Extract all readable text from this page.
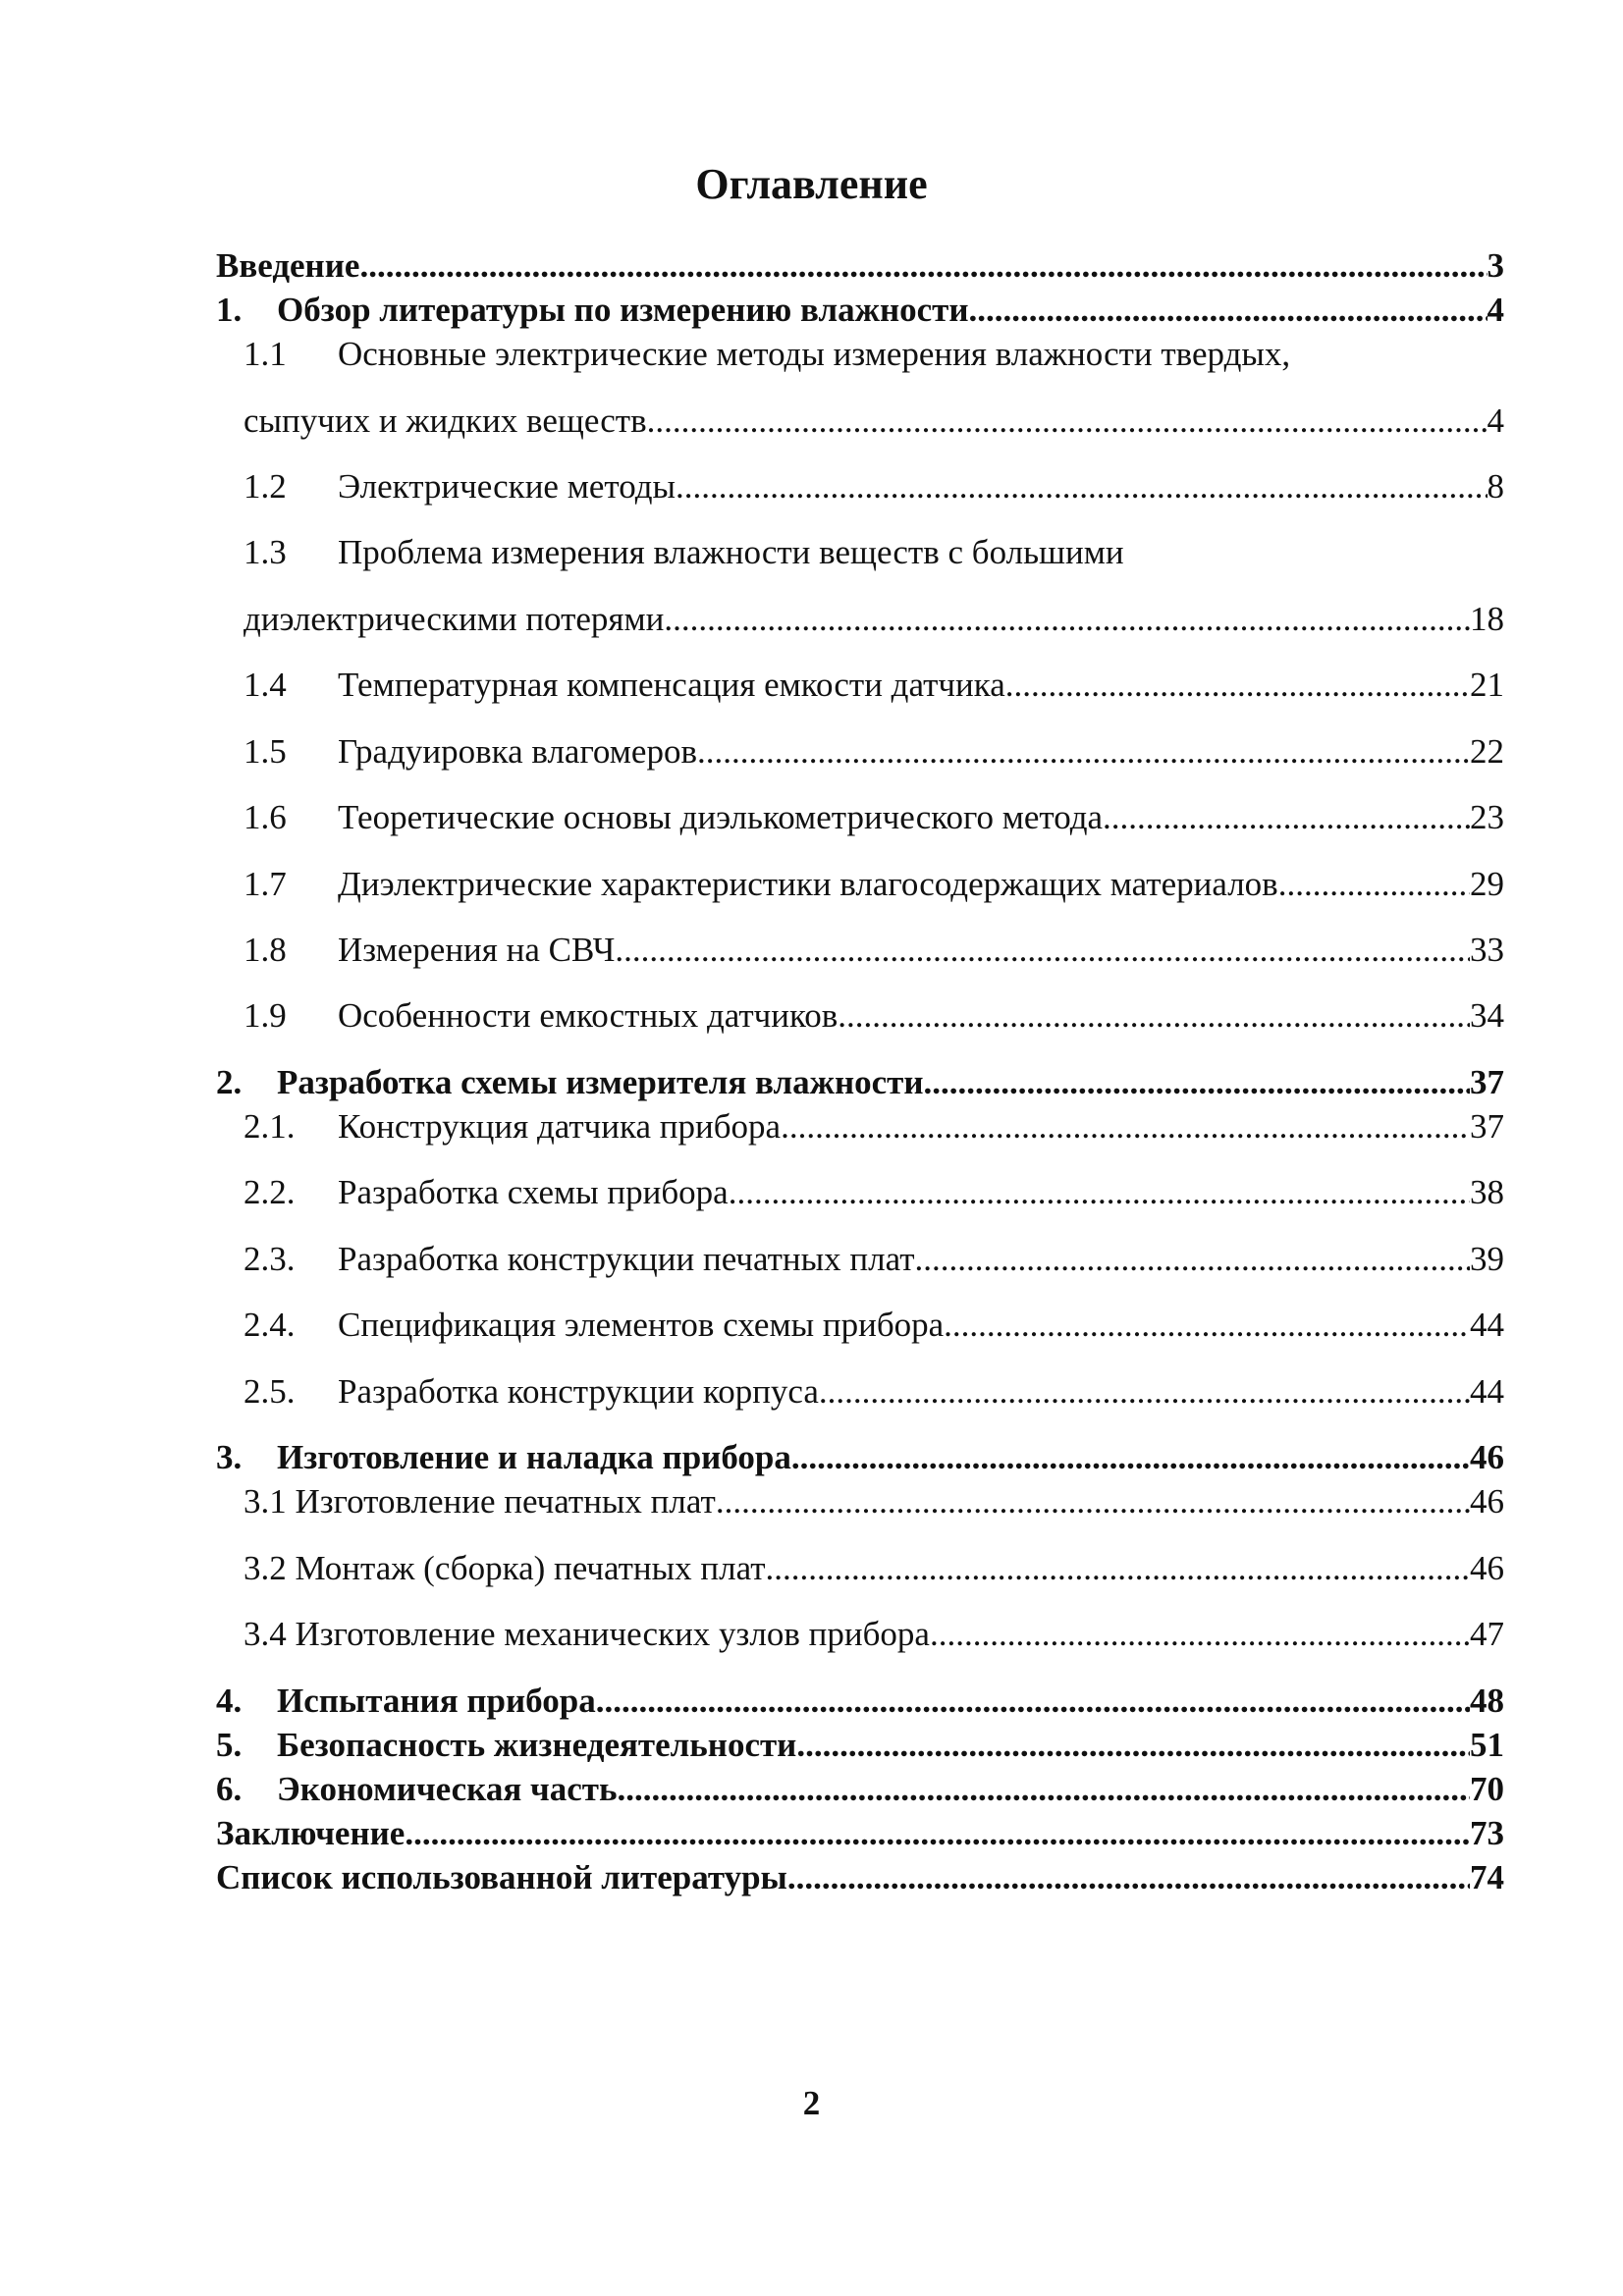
Оглавление
Введение .....	3
1.	Обзор литературы по измерению влажности .....	4
1.1 Основные электрические методы измерения влажности твердых,
сыпучих и жидких веществ .....	4
1.2	Электрические методы .....	8
1.3 Проблема измерения влажности веществ с большими
диэлектрическими потерями .....	18
1.4	Температурная компенсация емкости датчика. .....	21
1.5	Градуировка влагомеров .....	22
1.6	Теоретические основы диэлькометрического метода .....	23
1.7	Диэлектрические характеристики влагосодержащих материалов .....	29
1.8	Измерения на СВЧ .....	33
1.9	Особенности емкостных датчиков .....	34
2.	Разработка схемы измерителя влажности .....	37
2.1.	Конструкция датчика прибора .....	37
2.2.	Разработка схемы прибора .....	38
2.3.	Разработка конструкции печатных плат .....	39
2.4.	Спецификация элементов схемы прибора .....	44
2.5.	Разработка конструкции корпуса .....	44
3.	Изготовление и наладка прибора .....	46
3.1 Изготовление печатных плат .....	46
3.2 Монтаж (сборка) печатных плат .....	46
3.4 Изготовление механических узлов прибора .....	47
4.	Испытания прибора .....	48
5.	Безопасность жизнедеятельности .....	51
6.	Экономическая часть .....	70
Заключение .....	73
Список использованной литературы .....	74
2
